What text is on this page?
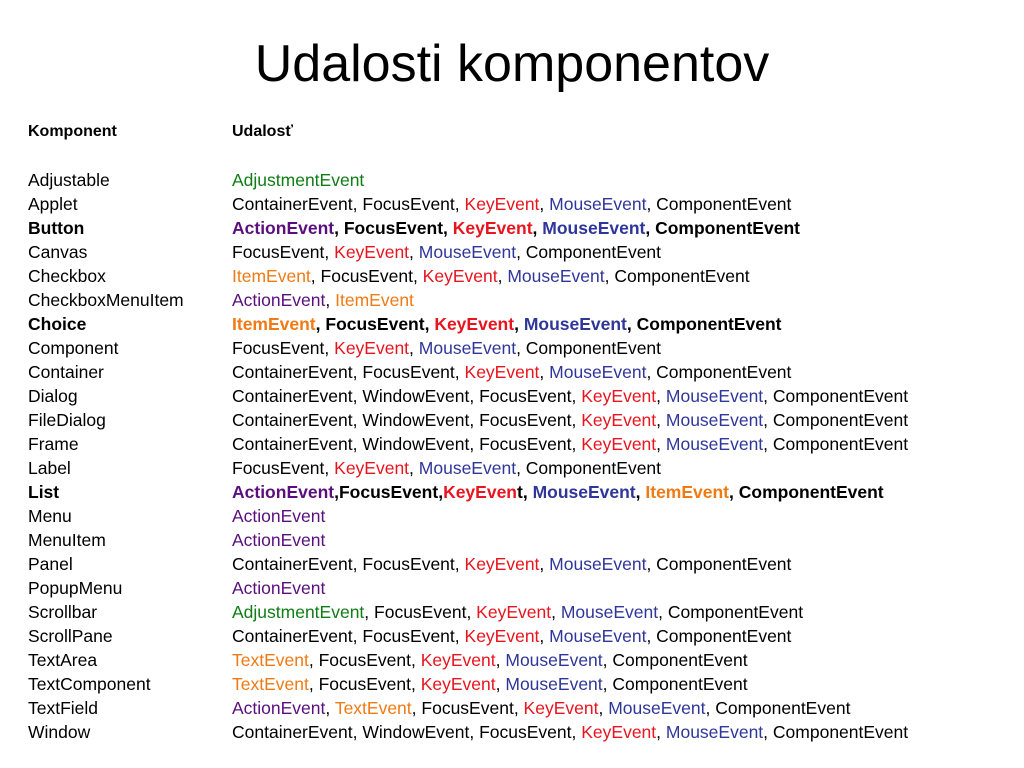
Udalosti komponentov
Komponent	Udalosť
Adjustable	AdjustmentEvent
Applet	ContainerEvent, FocusEvent, KeyEvent, MouseEvent, ComponentEvent
Button	ActionEvent, FocusEvent, KeyEvent, MouseEvent, ComponentEvent
Canvas	FocusEvent, KeyEvent, MouseEvent, ComponentEvent
Checkbox	ItemEvent, FocusEvent, KeyEvent, MouseEvent, ComponentEvent
CheckboxMenuItem	ActionEvent, ItemEvent
Choice	ItemEvent, FocusEvent, KeyEvent, MouseEvent, ComponentEvent
Component	FocusEvent, KeyEvent, MouseEvent, ComponentEvent
Container	ContainerEvent, FocusEvent, KeyEvent, MouseEvent, ComponentEvent
Dialog	ContainerEvent, WindowEvent, FocusEvent, KeyEvent, MouseEvent, ComponentEvent
FileDialog	ContainerEvent, WindowEvent, FocusEvent, KeyEvent, MouseEvent, ComponentEvent
Frame	ContainerEvent, WindowEvent, FocusEvent, KeyEvent, MouseEvent, ComponentEvent
Label	FocusEvent, KeyEvent, MouseEvent, ComponentEvent
List	ActionEvent,FocusEvent,KeyEvent, MouseEvent, ItemEvent, ComponentEvent
Menu	ActionEvent
MenuItem	ActionEvent
Panel	ContainerEvent, FocusEvent, KeyEvent, MouseEvent, ComponentEvent
PopupMenu	ActionEvent
Scrollbar	AdjustmentEvent, FocusEvent, KeyEvent, MouseEvent, ComponentEvent
ScrollPane	ContainerEvent, FocusEvent, KeyEvent, MouseEvent, ComponentEvent
TextArea	TextEvent, FocusEvent, KeyEvent, MouseEvent, ComponentEvent
TextComponent	TextEvent, FocusEvent, KeyEvent, MouseEvent, ComponentEvent
TextField	ActionEvent, TextEvent, FocusEvent, KeyEvent, MouseEvent, ComponentEvent
Window	ContainerEvent, WindowEvent, FocusEvent, KeyEvent, MouseEvent, ComponentEvent
